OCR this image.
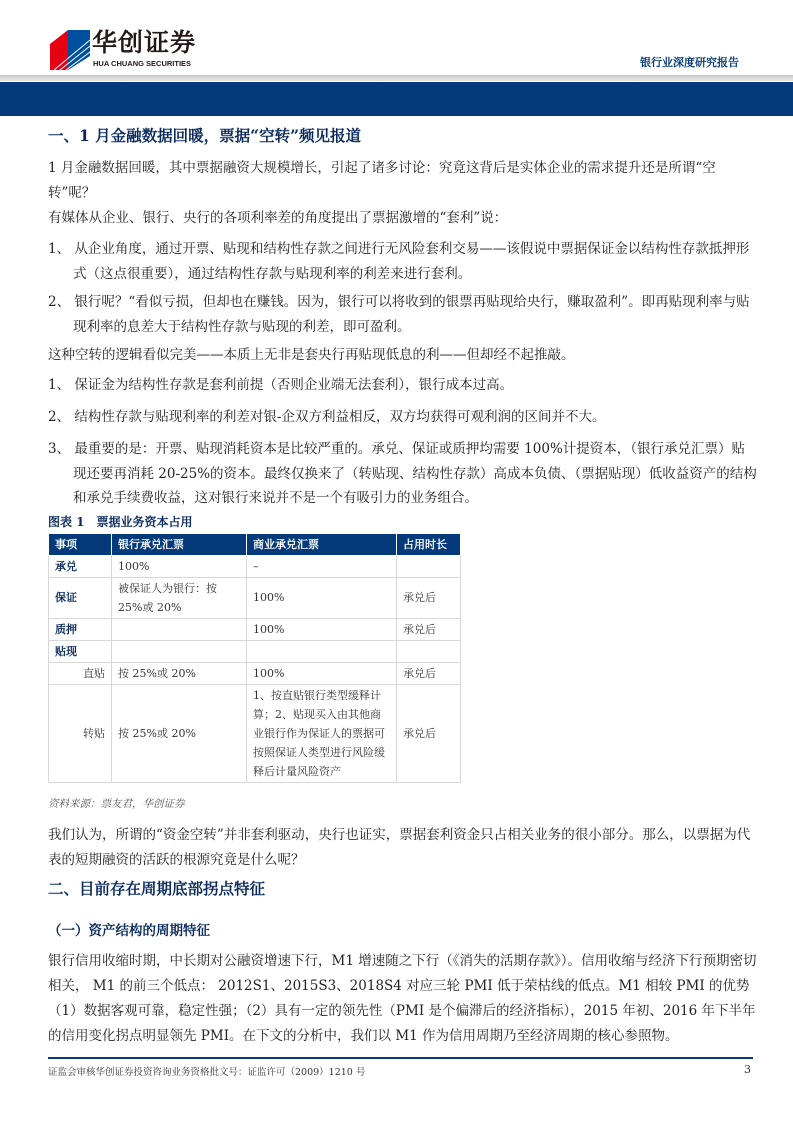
华创证券
HUA CHUANG SECURITIES	银行业深度研究报告
一、1 月金融数据回暖，票据“空转”频见报道
1 月金融数据回暖，其中票据融资大规模增长，引起了诸多讨论：究竟这背后是实体企业的需求提升还是所谓“空转”呢？
有媒体从企业、银行、央行的各项利率差的角度提出了票据激增的“套利”说：
1、 从企业角度，通过开票、贴现和结构性存款之间进行无风险套利交易——该假说中票据保证金以结构性存款抵押形式（这点很重要），通过结构性存款与贴现利率的利差来进行套利。
2、 银行呢？“看似亏损，但却也在赚钱。因为，银行可以将收到的银票再贴现给央行，赚取盈利”。即再贴现利率与贴现利率的息差大于结构性存款与贴现的利差，即可盈利。
这种空转的逻辑看似完美——本质上无非是套央行再贴现低息的利——但却经不起推敲。
1、 保证金为结构性存款是套利前提（否则企业端无法套利），银行成本过高。
2、 结构性存款与贴现利率的利差对银-企双方利益相反，双方均获得可观利润的区间并不大。
3、 最重要的是：开票、贴现消耗资本是比较严重的。承兑、保证或质押均需要 100%计提资本，（银行承兑汇票）贴现还要再消耗 20-25%的资本。最终仅换来了（转贴现、结构性存款）高成本负债、（票据贴现）低收益资产的结构和承兑手续费收益，这对银行来说并不是一个有吸引力的业务组合。
图表 1　票据业务资本占用
事项	银行承兑汇票	商业承兑汇票	占用时长
承兑	100%	–	
保证	被保证人为银行：按 25%或 20%	100%	承兑后
质押		100%	承兑后
贴现			
直贴	按 25%或 20%	100%	承兑后
转贴	按 25%或 20%	1、按直贴银行类型缓释计算；2、贴现买入由其他商业银行作为保证人的票据可按照保证人类型进行风险缓释后计量风险资产	承兑后
资料来源：票友君，华创证券
我们认为，所谓的“资金空转”并非套利驱动，央行也证实，票据套利资金只占相关业务的很小部分。那么，以票据为代表的短期融资的活跃的根源究竟是什么呢？
二、目前存在周期底部拐点特征
（一）资产结构的周期特征
银行信用收缩时期，中长期对公融资增速下行，M1 增速随之下行（《消失的活期存款》）。信用收缩与经济下行预期密切相关， M1 的前三个低点： 2012S1、2015S3、2018S4 对应三轮 PMI 低于荣枯线的低点。M1 相较 PMI 的优势（1）数据客观可靠，稳定性强；（2）具有一定的领先性（PMI 是个偏滞后的经济指标），2015 年初、2016 年下半年的信用变化拐点明显领先 PMI。在下文的分析中，我们以 M1 作为信用周期乃至经济周期的核心参照物。
证监会审核华创证券投资咨询业务资格批文号：证监许可（2009）1210 号	3
